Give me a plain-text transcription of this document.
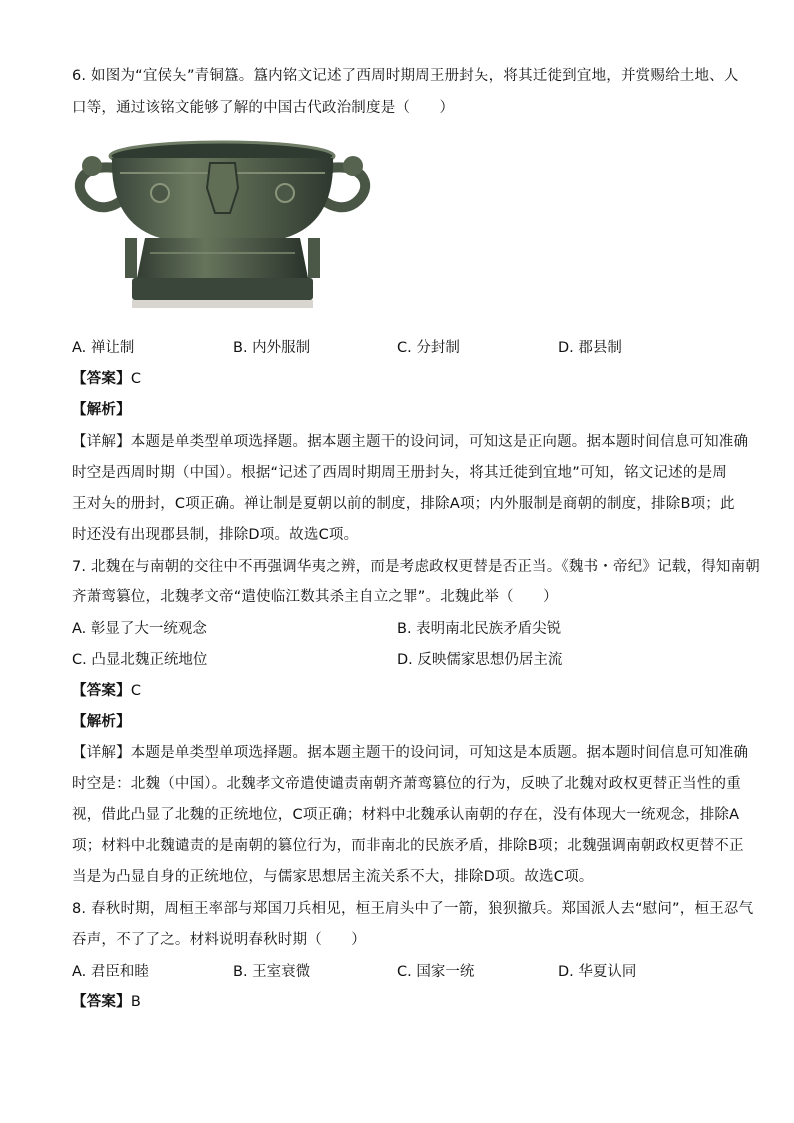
6. 如图为“宜侯夨”青铜簋。簋内铭文记述了西周时期周王册封夨，将其迁徙到宜地，并赏赐给土地、人
口等，通过该铭文能够了解的中国古代政治制度是（　　）
A. 禅让制	B. 内外服制	C. 分封制	D. 郡县制
【答案】C
【解析】
【详解】本题是单类型单项选择题。据本题主题干的设问词，可知这是正向题。据本题时间信息可知准确
时空是西周时期（中国）。根据“记述了西周时期周王册封夨，将其迁徙到宜地”可知，铭文记述的是周
王对夨的册封，C项正确。禅让制是夏朝以前的制度，排除A项；内外服制是商朝的制度，排除B项；此
时还没有出现郡县制，排除D项。故选C项。
7. 北魏在与南朝的交往中不再强调华夷之辨，而是考虑政权更替是否正当。《魏书・帝纪》记载，得知南朝
齐萧鸾篡位，北魏孝文帝“遣使临江数其杀主自立之罪”。北魏此举（　　）
A. 彰显了大一统观念	B. 表明南北民族矛盾尖锐
C. 凸显北魏正统地位	D. 反映儒家思想仍居主流
【答案】C
【解析】
【详解】本题是单类型单项选择题。据本题主题干的设问词，可知这是本质题。据本题时间信息可知准确
时空是：北魏（中国）。北魏孝文帝遣使谴责南朝齐萧鸾篡位的行为，反映了北魏对政权更替正当性的重
视，借此凸显了北魏的正统地位，C项正确；材料中北魏承认南朝的存在，没有体现大一统观念，排除A
项；材料中北魏谴责的是南朝的篡位行为，而非南北的民族矛盾，排除B项；北魏强调南朝政权更替不正
当是为凸显自身的正统地位，与儒家思想居主流关系不大，排除D项。故选C项。
8. 春秋时期，周桓王率部与郑国刀兵相见，桓王肩头中了一箭，狼狈撤兵。郑国派人去“慰问”，桓王忍气
吞声，不了了之。材料说明春秋时期（　　）
A. 君臣和睦	B. 王室衰微	C. 国家一统	D. 华夏认同
【答案】B
